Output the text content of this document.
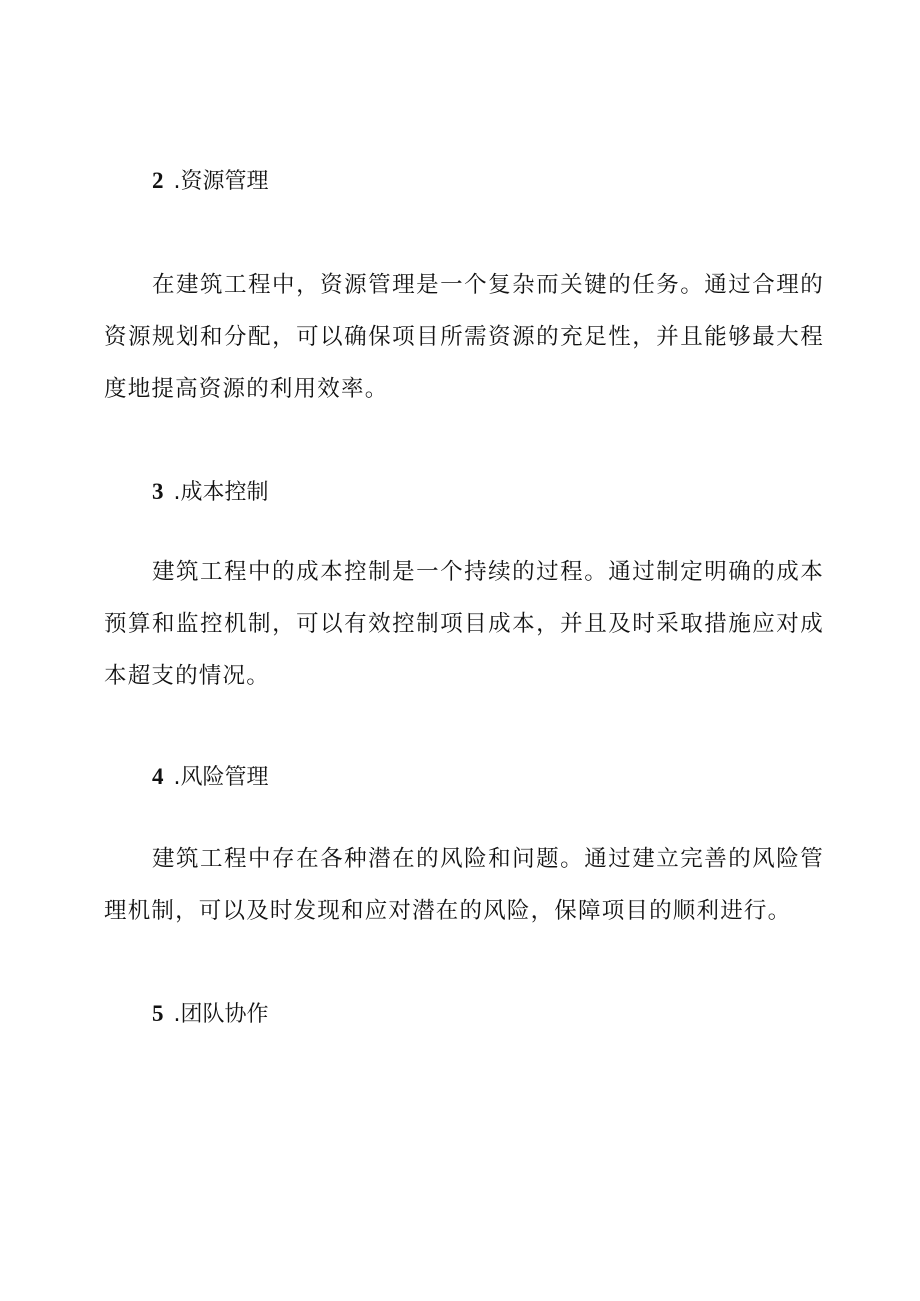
2 .资源管理

在建筑工程中，资源管理是一个复杂而关键的任务。通过合理的资源规划和分配，可以确保项目所需资源的充足性，并且能够最大程度地提高资源的利用效率。

3 .成本控制

建筑工程中的成本控制是一个持续的过程。通过制定明确的成本预算和监控机制，可以有效控制项目成本，并且及时采取措施应对成本超支的情况。

4 .风险管理

建筑工程中存在各种潜在的风险和问题。通过建立完善的风险管理机制，可以及时发现和应对潜在的风险，保障项目的顺利进行。

5 .团队协作
